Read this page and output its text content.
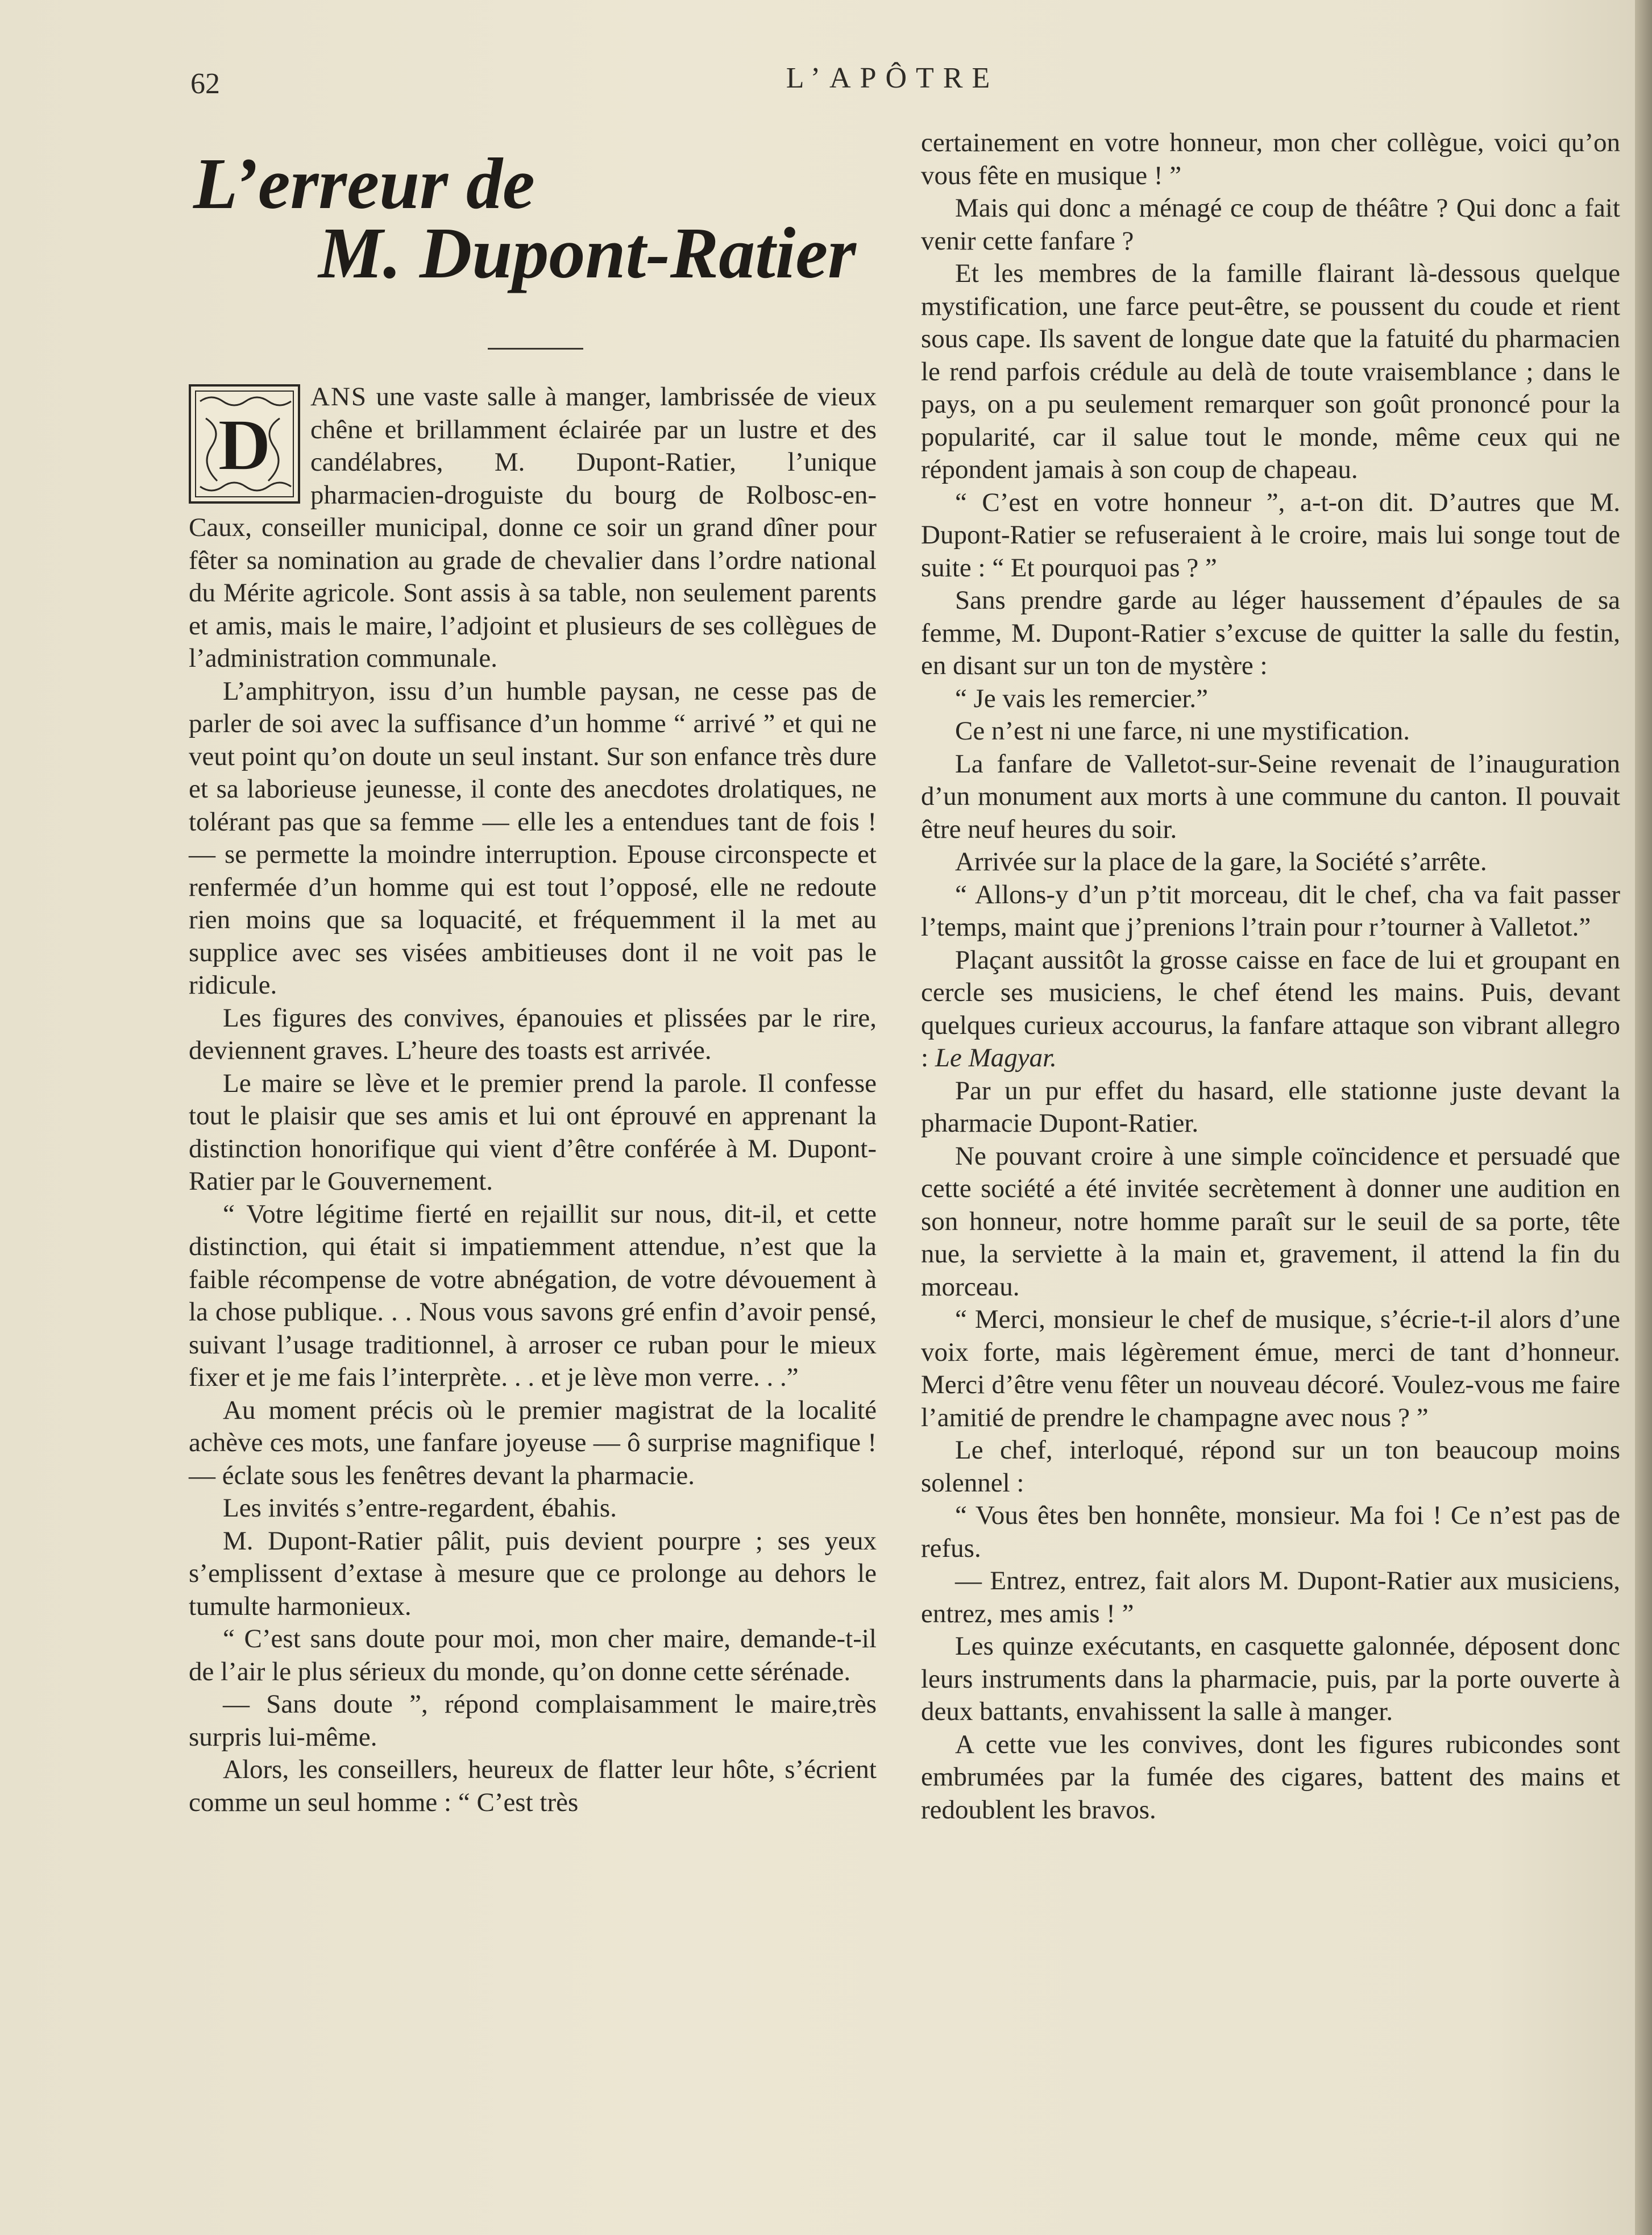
62	L’APÔTRE
L’erreur de
M. Dupont-Ratier

D
ANS une vaste salle à manger, lambrissée de vieux chêne et brillamment éclairée par un lustre et des candélabres, M. Dupont-Ratier, l’unique pharmacien-droguiste du bourg de Rolbosc-en-Caux, conseiller municipal, donne ce soir un grand dîner pour fêter sa nomination au grade de chevalier dans l’ordre national du Mérite agricole. Sont assis à sa table, non seulement parents et amis, mais le maire, l’adjoint et plusieurs de ses collègues de l’administration communale.

L’amphitryon, issu d’un humble paysan, ne cesse pas de parler de soi avec la suffisance d’un homme “ arrivé ” et qui ne veut point qu’on doute un seul instant. Sur son enfance très dure et sa laborieuse jeunesse, il conte des anecdotes drolatiques, ne tolérant pas que sa femme — elle les a entendues tant de fois ! — se permette la moindre interruption. Epouse circonspecte et renfermée d’un homme qui est tout l’opposé, elle ne redoute rien moins que sa loquacité, et fréquemment il la met au supplice avec ses visées ambitieuses dont il ne voit pas le ridicule.

Les figures des convives, épanouies et plissées par le rire, deviennent graves. L’heure des toasts est arrivée.

Le maire se lève et le premier prend la parole. Il confesse tout le plaisir que ses amis et lui ont éprouvé en apprenant la distinction honorifique qui vient d’être conférée à M. Dupont-Ratier par le Gouvernement.

“ Votre légitime fierté en rejaillit sur nous, dit-il, et cette distinction, qui était si impatiemment attendue, n’est que la faible récompense de votre abnégation, de votre dévouement à la chose publique. . . Nous vous savons gré enfin d’avoir pensé, suivant l’usage traditionnel, à arroser ce ruban pour le mieux fixer et je me fais l’interprète. . . et je lève mon verre. . .”

Au moment précis où le premier magistrat de la localité achève ces mots, une fanfare joyeuse — ô surprise magnifique ! — éclate sous les fenêtres devant la pharmacie.

Les invités s’entre-regardent, ébahis.

M. Dupont-Ratier pâlit, puis devient pourpre ; ses yeux s’emplissent d’extase à mesure que ce prolonge au dehors le tumulte harmonieux.

“ C’est sans doute pour moi, mon cher maire, demande-t-il de l’air le plus sérieux du monde, qu’on donne cette sérénade.

— Sans doute ”, répond complaisamment le maire,très surpris lui-même.

Alors, les conseillers, heureux de flatter leur hôte, s’écrient comme un seul homme : “ C’est très

certainement en votre honneur, mon cher collègue, voici qu’on vous fête en musique ! ”

Mais qui donc a ménagé ce coup de théâtre ? Qui donc a fait venir cette fanfare ?

Et les membres de la famille flairant là-dessous quelque mystification, une farce peut-être, se poussent du coude et rient sous cape. Ils savent de longue date que la fatuité du pharmacien le rend parfois crédule au delà de toute vraisemblance ; dans le pays, on a pu seulement remarquer son goût prononcé pour la popularité, car il salue tout le monde, même ceux qui ne répondent jamais à son coup de chapeau.

“ C’est en votre honneur ”, a-t-on dit. D’autres que M. Dupont-Ratier se refuseraient à le croire, mais lui songe tout de suite : “ Et pourquoi pas ? ”

Sans prendre garde au léger haussement d’épaules de sa femme, M. Dupont-Ratier s’excuse de quitter la salle du festin, en disant sur un ton de mystère :

“ Je vais les remercier.”

Ce n’est ni une farce, ni une mystification.

La fanfare de Valletot-sur-Seine revenait de l’inauguration d’un monument aux morts à une commune du canton. Il pouvait être neuf heures du soir.

Arrivée sur la place de la gare, la Société s’arrête.

“ Allons-y d’un p’tit morceau, dit le chef, cha va fait passer l’temps, maint que j’prenions l’train pour r’tourner à Valletot.”

Plaçant aussitôt la grosse caisse en face de lui et groupant en cercle ses musiciens, le chef étend les mains. Puis, devant quelques curieux accourus, la fanfare attaque son vibrant allegro : Le Magyar.

Par un pur effet du hasard, elle stationne juste devant la pharmacie Dupont-Ratier.

Ne pouvant croire à une simple coïncidence et persuadé que cette société a été invitée secrètement à donner une audition en son honneur, notre homme paraît sur le seuil de sa porte, tête nue, la serviette à la main et, gravement, il attend la fin du morceau.

“ Merci, monsieur le chef de musique, s’écrie-t-il alors d’une voix forte, mais légèrement émue, merci de tant d’honneur. Merci d’être venu fêter un nouveau décoré. Voulez-vous me faire l’amitié de prendre le champagne avec nous ? ”

Le chef, interloqué, répond sur un ton beaucoup moins solennel :

“ Vous êtes ben honnête, monsieur. Ma foi ! Ce n’est pas de refus.

— Entrez, entrez, fait alors M. Dupont-Ratier aux musiciens, entrez, mes amis ! ”

Les quinze exécutants, en casquette galonnée, déposent donc leurs instruments dans la pharmacie, puis, par la porte ouverte à deux battants, envahissent la salle à manger.

A cette vue les convives, dont les figures rubicondes sont embrumées par la fumée des cigares, battent des mains et redoublent les bravos.
